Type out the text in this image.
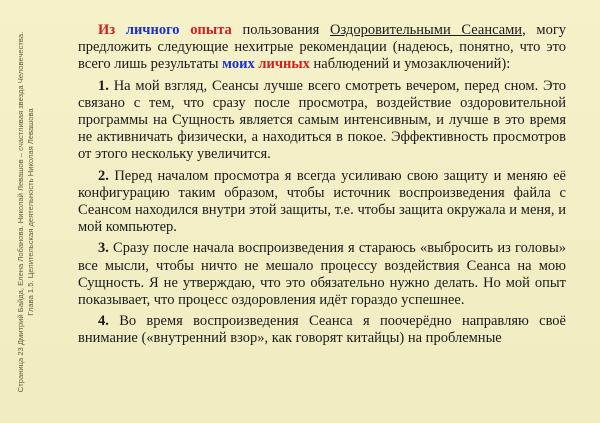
Страница 23 Дмитрий Байда, Елена Лобанова. Николай Левашов – счастливая звезда Человечества. Глава 1.5. Целительская деятельность Николая Левашова

Из личного опыта пользования Оздоровительными Сеансами, могу предложить следующие нехитрые рекомендации (надеюсь, понятно, что это всего лишь результаты моих личных наблюдений и умозаключений):

1. На мой взгляд, Сеансы лучше всего смотреть вечером, перед сном. Это связано с тем, что сразу после просмотра, воздействие оздоровительной программы на Сущность является самым интенсивным, и лучше в это время не активничать физически, а находиться в покое. Эффективность просмотров от этого нескольку увеличится.

2. Перед началом просмотра я всегда усиливаю свою защиту и меняю её конфигурацию таким образом, чтобы источник воспроизведения файла с Сеансом находился внутри этой защиты, т.е. чтобы защита окружала и меня, и мой компьютер.

3. Сразу после начала воспроизведения я стараюсь «выбросить из головы» все мысли, чтобы ничто не мешало процессу воздействия Сеанса на мою Сущность. Я не утверждаю, что это обязательно нужно делать. Но мой опыт показывает, что процесс оздоровления идёт гораздо успешнее.

4. Во время воспроизведения Сеанса я поочерёдно направляю своё внимание («внутренний взор», как говорят китайцы) на проблемные
